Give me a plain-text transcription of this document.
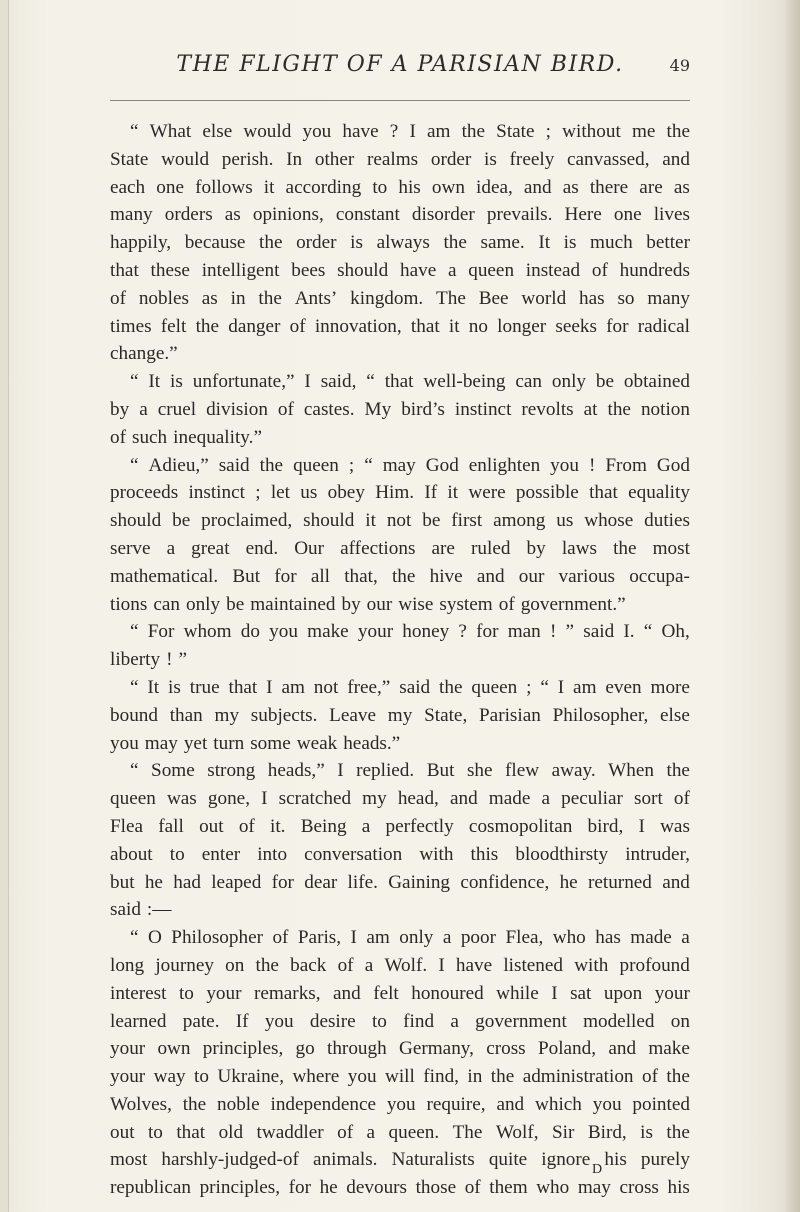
THE FLIGHT OF A PARISIAN BIRD.	49
“ What else would you have ? I am the State ; without me the
State would perish. In other realms order is freely canvassed, and
each one follows it according to his own idea, and as there are as
many orders as opinions, constant disorder prevails. Here one lives
happily, because the order is always the same. It is much better
that these intelligent bees should have a queen instead of hundreds
of nobles as in the Ants’ kingdom. The Bee world has so many
times felt the danger of innovation, that it no longer seeks for radical
change.”
“ It is unfortunate,” I said, “ that well-being can only be obtained
by a cruel division of castes. My bird’s instinct revolts at the notion
of such inequality.”
“ Adieu,” said the queen ; “ may God enlighten you ! From God
proceeds instinct ; let us obey Him. If it were possible that equality
should be proclaimed, should it not be first among us whose duties
serve a great end. Our affections are ruled by laws the most
mathematical. But for all that, the hive and our various occupa-
tions can only be maintained by our wise system of government.”
“ For whom do you make your honey ? for man ! ” said I. “ Oh,
liberty ! ”
“ It is true that I am not free,” said the queen ; “ I am even more
bound than my subjects. Leave my State, Parisian Philosopher, else
you may yet turn some weak heads.”
“ Some strong heads,” I replied. But she flew away. When the
queen was gone, I scratched my head, and made a peculiar sort of
Flea fall out of it. Being a perfectly cosmopolitan bird, I was
about to enter into conversation with this bloodthirsty intruder,
but he had leaped for dear life. Gaining confidence, he returned and
said :—
“ O Philosopher of Paris, I am only a poor Flea, who has made a
long journey on the back of a Wolf. I have listened with profound
interest to your remarks, and felt honoured while I sat upon your
learned pate. If you desire to find a government modelled on
your own principles, go through Germany, cross Poland, and make
your way to Ukraine, where you will find, in the administration of the
Wolves, the noble independence you require, and which you pointed
out to that old twaddler of a queen. The Wolf, Sir Bird, is the
most harshly-judged-of animals. Naturalists quite ignore his purely
republican principles, for he devours those of them who may cross his
D
